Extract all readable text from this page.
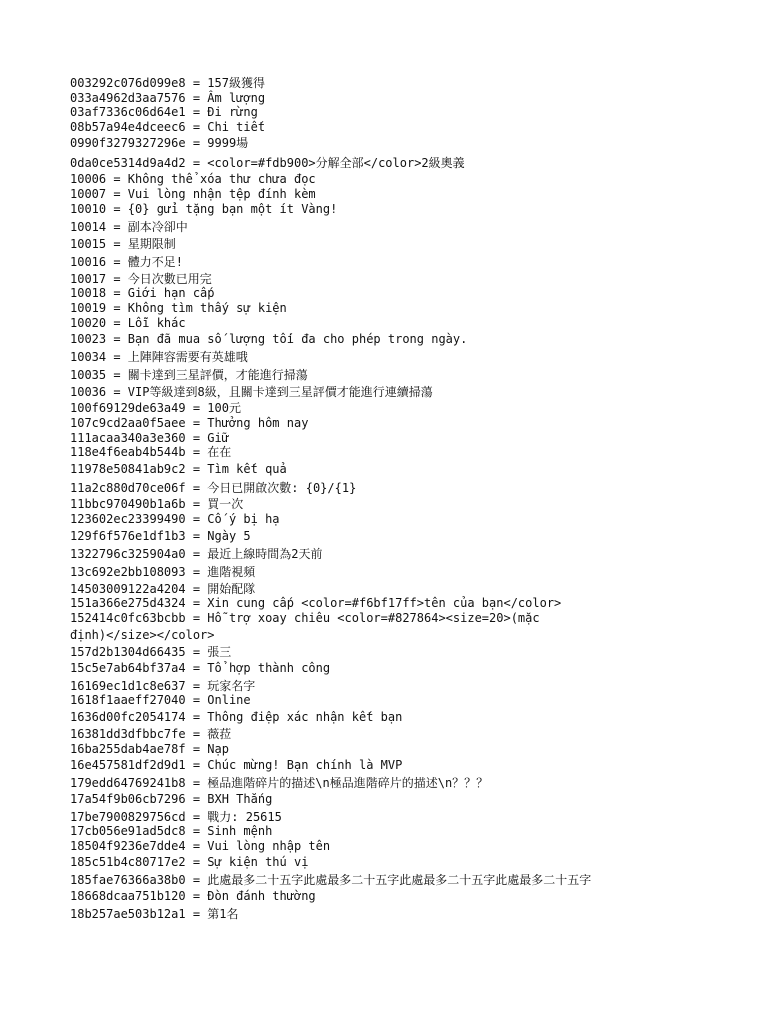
003292c076d099e8 = 157級獲得
033a4962d3aa7576 = Âm lượng
03af7336c06d64e1 = Đi rừng
08b57a94e4dceec6 = Chi tiết
0990f3279327296e = 9999場
0da0ce5314d9a4d2 = <color=#fdb900>分解全部</color>2級奧義
10006 = Không thể xóa thư chưa đọc
10007 = Vui lòng nhận tệp đính kèm
10010 = {0} gửi tặng bạn một ít Vàng!
10014 = 副本冷卻中
10015 = 星期限制
10016 = 體力不足!
10017 = 今日次數已用完
10018 = Giới hạn cấp
10019 = Không tìm thấy sự kiện
10020 = Lỗi khác
10023 = Bạn đã mua số lượng tối đa cho phép trong ngày.
10034 = 上陣陣容需要有英雄哦
10035 = 關卡達到三星評價，才能進行掃蕩
10036 = VIP等級達到8級，且關卡達到三星評價才能進行連續掃蕩
100f69129de63a49 = 100元
107c9cd2aa0f5aee = Thưởng hôm nay
111acaa340a3e360 = Giữ
118e4f6eab4b544b = 在在
11978e50841ab9c2 = Tìm kết quả
11a2c880d70ce06f = 今日已開啟次數: {0}/{1}
11bbc970490b1a6b = 買一次
123602ec23399490 = Cố ý bị hạ
129f6f576e1df1b3 = Ngày 5
1322796c325904a0 = 最近上線時間為2天前
13c692e2bb108093 = 進階視頻
14503009122a4204 = 開始配隊
151a366e275d4324 = Xin cung cấp <color=#f6bf17ff>tên của bạn</color>
152414c0fc63bcbb = Hỗ trợ xoay chiêu <color=#827864><size=20>(mặc
định)</size></color>
157d2b1304d66435 = 張三
15c5e7ab64bf37a4 = Tổ hợp thành công
16169ec1d1c8e637 = 玩家名字
1618f1aaeff27040 = Online
1636d00fc2054174 = Thông điệp xác nhận kết bạn
16381dd3dfbbc7fe = 薇菈
16ba255dab4ae78f = Nạp
16e457581df2d9d1 = Chúc mừng! Bạn chính là MVP
179edd64769241b8 = 極品進階碎片的描述\n極品進階碎片的描述\n？？？
17a54f9b06cb7296 = BXH Thắng
17be7900829756cd = 戰力: 25615
17cb056e91ad5dc8 = Sinh mệnh
18504f9236e7dde4 = Vui lòng nhập tên
185c51b4c80717e2 = Sự kiện thú vị
185fae76366a38b0 = 此處最多二十五字此處最多二十五字此處最多二十五字此處最多二十五字
18668dcaa751b120 = Đòn đánh thường
18b257ae503b12a1 = 第1名
